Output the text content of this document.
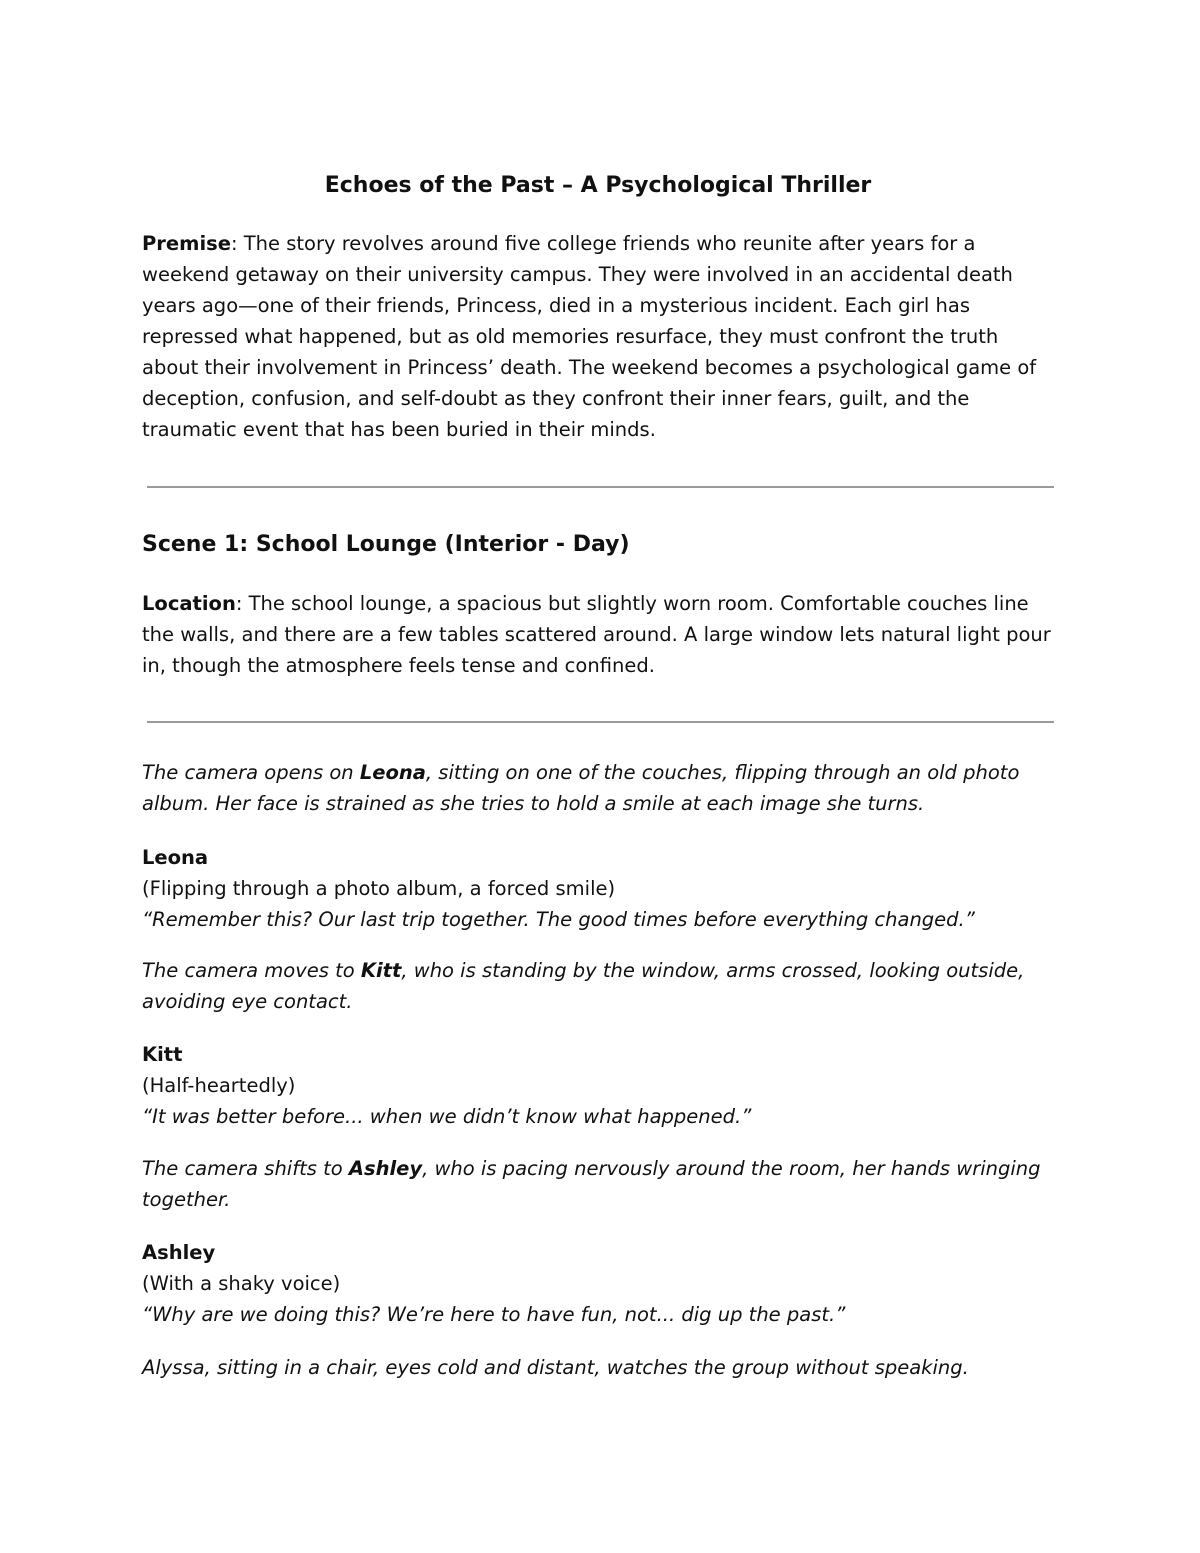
Echoes of the Past – A Psychological Thriller

Premise: The story revolves around five college friends who reunite after years for a weekend getaway on their university campus. They were involved in an accidental death years ago—one of their friends, Princess, died in a mysterious incident. Each girl has repressed what happened, but as old memories resurface, they must confront the truth about their involvement in Princess’ death. The weekend becomes a psychological game of deception, confusion, and self-doubt as they confront their inner fears, guilt, and the traumatic event that has been buried in their minds.

Scene 1: School Lounge (Interior - Day)

Location: The school lounge, a spacious but slightly worn room. Comfortable couches line the walls, and there are a few tables scattered around. A large window lets natural light pour in, though the atmosphere feels tense and confined.

The camera opens on Leona, sitting on one of the couches, flipping through an old photo album. Her face is strained as she tries to hold a smile at each image she turns.

Leona
(Flipping through a photo album, a forced smile)
“Remember this? Our last trip together. The good times before everything changed.”

The camera moves to Kitt, who is standing by the window, arms crossed, looking outside, avoiding eye contact.

Kitt
(Half-heartedly)
“It was better before... when we didn’t know what happened.”

The camera shifts to Ashley, who is pacing nervously around the room, her hands wringing together.

Ashley
(With a shaky voice)
“Why are we doing this? We’re here to have fun, not... dig up the past.”

Alyssa, sitting in a chair, eyes cold and distant, watches the group without speaking.
